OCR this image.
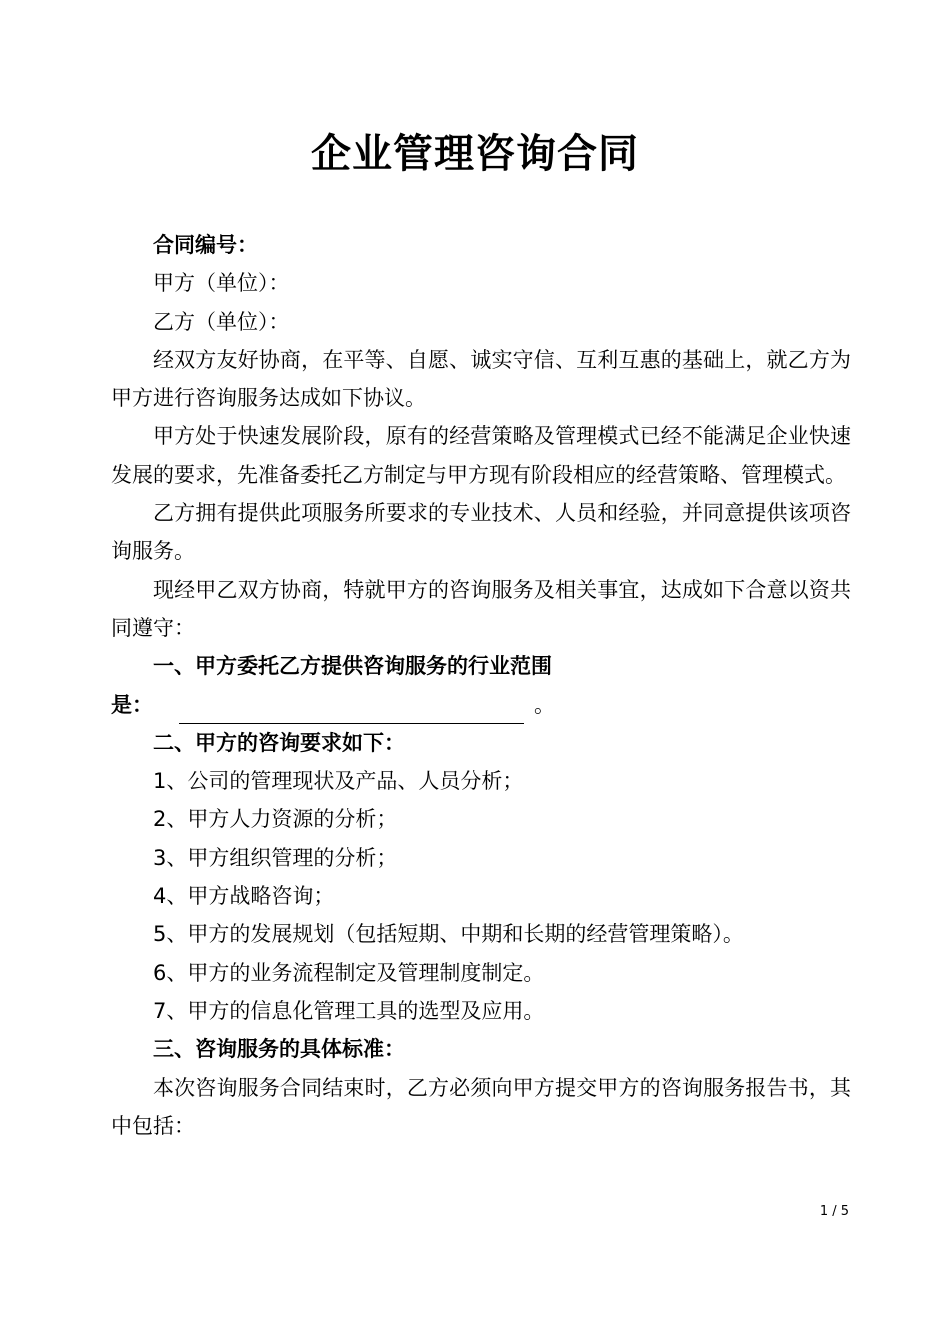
企业管理咨询合同

合同编号：

甲方（单位）：

乙方（单位）：

经双方友好协商，在平等、自愿、诚实守信、互利互惠的基础上，就乙方为甲方进行咨询服务达成如下协议。

甲方处于快速发展阶段，原有的经营策略及管理模式已经不能满足企业快速发展的要求，先准备委托乙方制定与甲方现有阶段相应的经营策略、管理模式。

乙方拥有提供此项服务所要求的专业技术、人员和经验，并同意提供该项咨询服务。

现经甲乙双方协商，特就甲方的咨询服务及相关事宜，达成如下合意以资共同遵守：

一、甲方委托乙方提供咨询服务的行业范围

是：	。

二、甲方的咨询要求如下：

1、公司的管理现状及产品、人员分析；

2、甲方人力资源的分析；

3、甲方组织管理的分析；

4、甲方战略咨询；

5、甲方的发展规划（包括短期、中期和长期的经营管理策略）。

6、甲方的业务流程制定及管理制度制定。

7、甲方的信息化管理工具的选型及应用。

三、咨询服务的具体标准：

本次咨询服务合同结束时，乙方必须向甲方提交甲方的咨询服务报告书，其中包括：

1 / 5
